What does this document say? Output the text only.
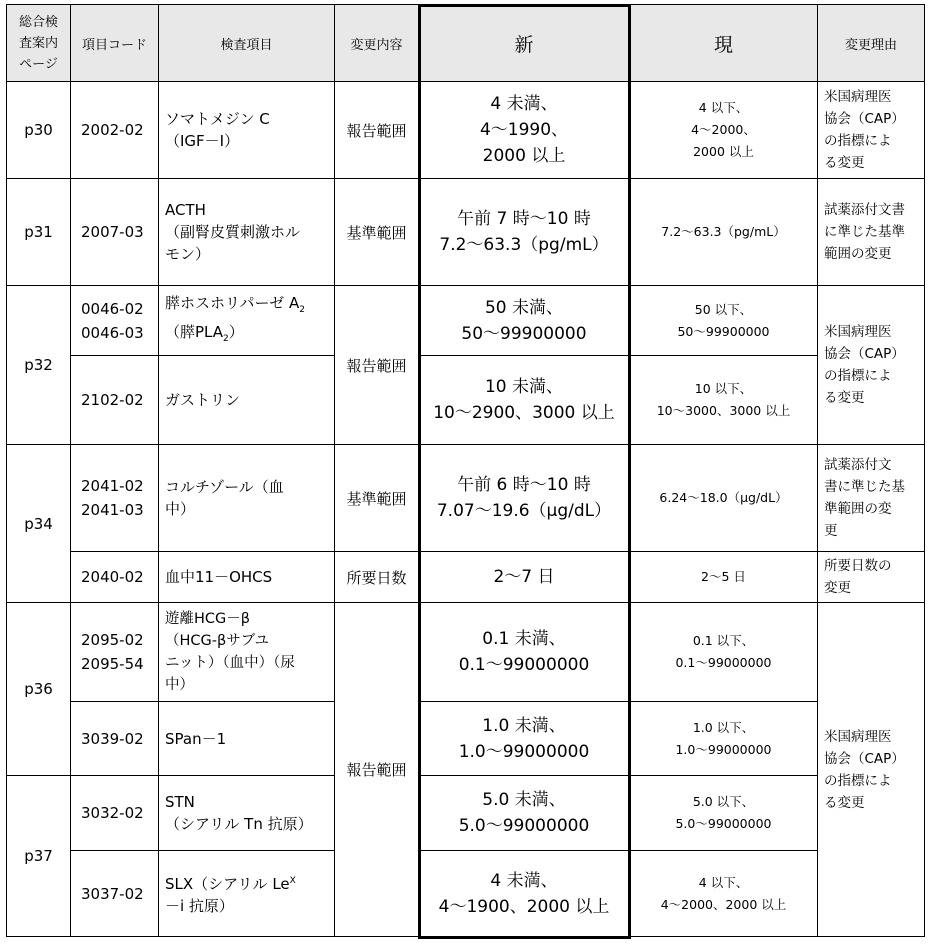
総合検
査案内
ページ	項目コード	検査項目	変更内容	新	現	変更理由
p30	2002-02	ソマトメジン C
（IGF－Ⅰ）	報告範囲	4 未満、
4～1990、
2000 以上	4 以下、
4～2000、
2000 以上	米国病理医
協会（CAP）
の指標によ
る変更

p31	2007-03	ACTH
（副腎皮質刺激ホル
モン）	基準範囲	午前 7 時～10 時
7.2～63.3（pg/mL）	7.2～63.3（pg/mL）	試薬添付文書
に準じた基準
範囲の変更

p32	0046-02
0046-03	膵ホスホリパーゼ $A_2$
（膵$PLA_2$）	報告範囲	50 未満、
50～99900000	50 以下、
50～99900000	米国病理医
協会（CAP）
の指標によ
る変更

	2102-02	ガストリン		10 未満、
10～2900、3000 以上	10 以下、
10～3000、3000 以上	

p34	2041-02
2041-03	コルチゾール（血
中）	基準範囲	午前 6 時～10 時
7.07～19.6（μg/dL）	6.24～18.0（μg/dL）	試薬添付文
書に準じた基
準範囲の変
更

	2040-02	血中11－OHCS	所要日数	2～7 日	2～5 日	所要日数の
変更

p36	2095-02
2095-54	遊離HCG－β
（HCG-βサブユ
ニット）（血中）（尿
中）	報告範囲	0.1 未満、
0.1～99000000	0.1 以下、
0.1～99000000	米国病理医
協会（CAP）
の指標によ
る変更

	3039-02	SPan－1		1.0 未満、
1.0～99000000	1.0 以下、
1.0～99000000	

p37	3032-02	STN
（シアリル Tn 抗原）		5.0 未満、
5.0～99000000	5.0 以下、
5.0～99000000	

	3037-02	SLX（シアリル $Le^X$
－i 抗原）		4 未満、
4～1900、2000 以上	4 以下、
4～2000、2000 以上	
